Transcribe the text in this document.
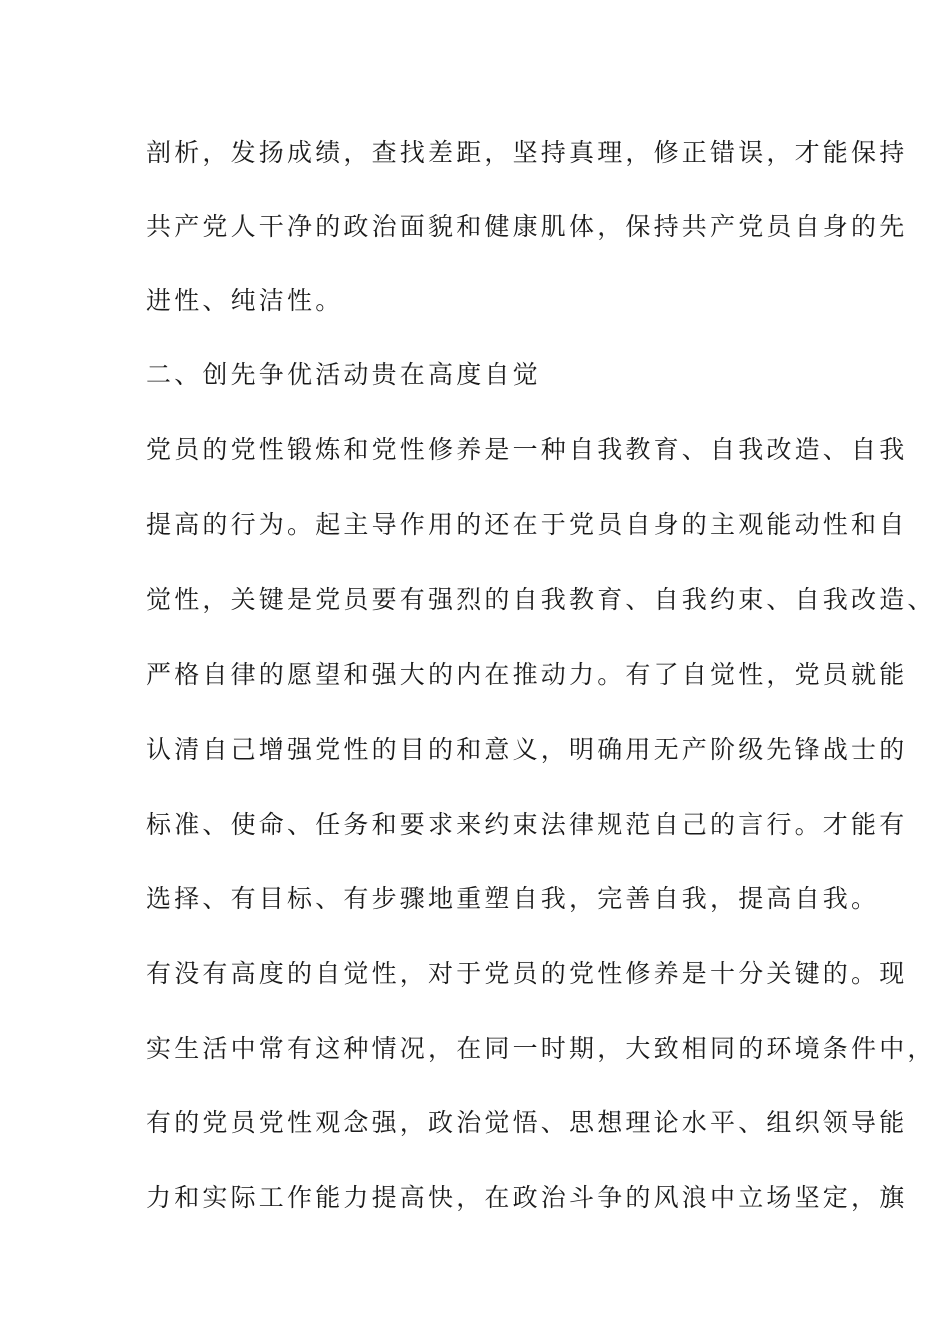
剖析，发扬成绩，查找差距，坚持真理，修正错误，才能保持
共产党人干净的政治面貌和健康肌体，保持共产党员自身的先
进性、纯洁性。
二、创先争优活动贵在高度自觉
党员的党性锻炼和党性修养是一种自我教育、自我改造、自我
提高的行为。起主导作用的还在于党员自身的主观能动性和自
觉性，关键是党员要有强烈的自我教育、自我约束、自我改造、
严格自律的愿望和强大的内在推动力。有了自觉性，党员就能
认清自己增强党性的目的和意义，明确用无产阶级先锋战士的
标准、使命、任务和要求来约束法律规范自己的言行。才能有
选择、有目标、有步骤地重塑自我，完善自我，提高自我。
有没有高度的自觉性，对于党员的党性修养是十分关键的。现
实生活中常有这种情况，在同一时期，大致相同的环境条件中，
有的党员党性观念强，政治觉悟、思想理论水平、组织领导能
力和实际工作能力提高快，在政治斗争的风浪中立场坚定，旗
